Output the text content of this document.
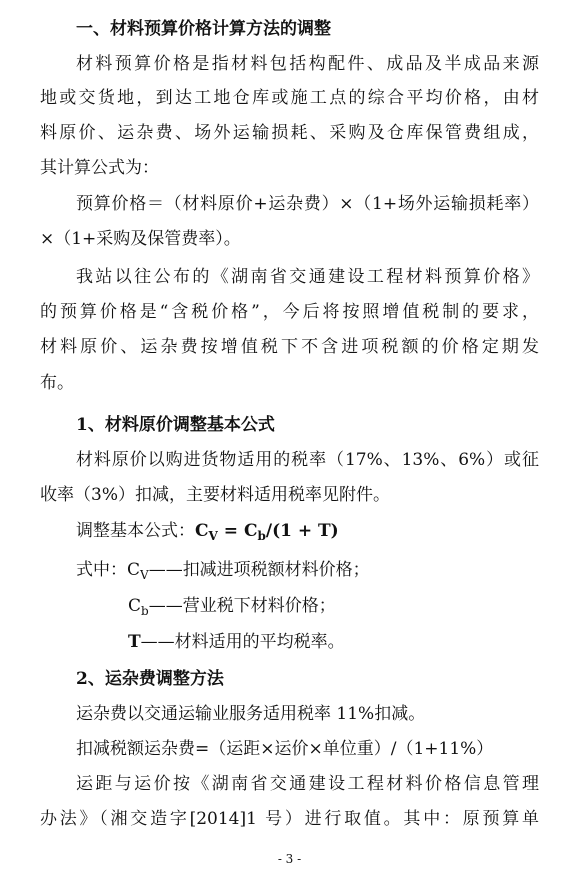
一、材料预算价格计算方法的调整
材料预算价格是指材料包括构配件、成品及半成品来源
地或交货地，到达工地仓库或施工点的综合平均价格，由材
料原价、运杂费、场外运输损耗、采购及仓库保管费组成，
其计算公式为：
预算价格＝（材料原价+运杂费）×（1+场外运输损耗率）
×（1+采购及保管费率）。
我站以往公布的《湖南省交通建设工程材料预算价格》
的预算价格是“含税价格”，今后将按照增值税制的要求，
材料原价、运杂费按增值税下不含进项税额的价格定期发
布。
1、材料原价调整基本公式
材料原价以购进货物适用的税率（17%、13%、6%）或征
收率（3%）扣减，主要材料适用税率见附件。
调整基本公式：$C_V = C_b/(1 + T)$
式中：$C_V——$扣减进项税额材料价格；
$C_b——$营业税下材料价格；
T——材料适用的平均税率。
2、运杂费调整方法
运杂费以交通运输业服务适用税率 11%扣减。
扣减税额运杂费=（运距×运价×单位重）/（1+11%）
运距与运价按《湖南省交通建设工程材料价格信息管理
办法》（湘交造字[2014]1 号）进行取值。其中：原预算单
- 3 -
